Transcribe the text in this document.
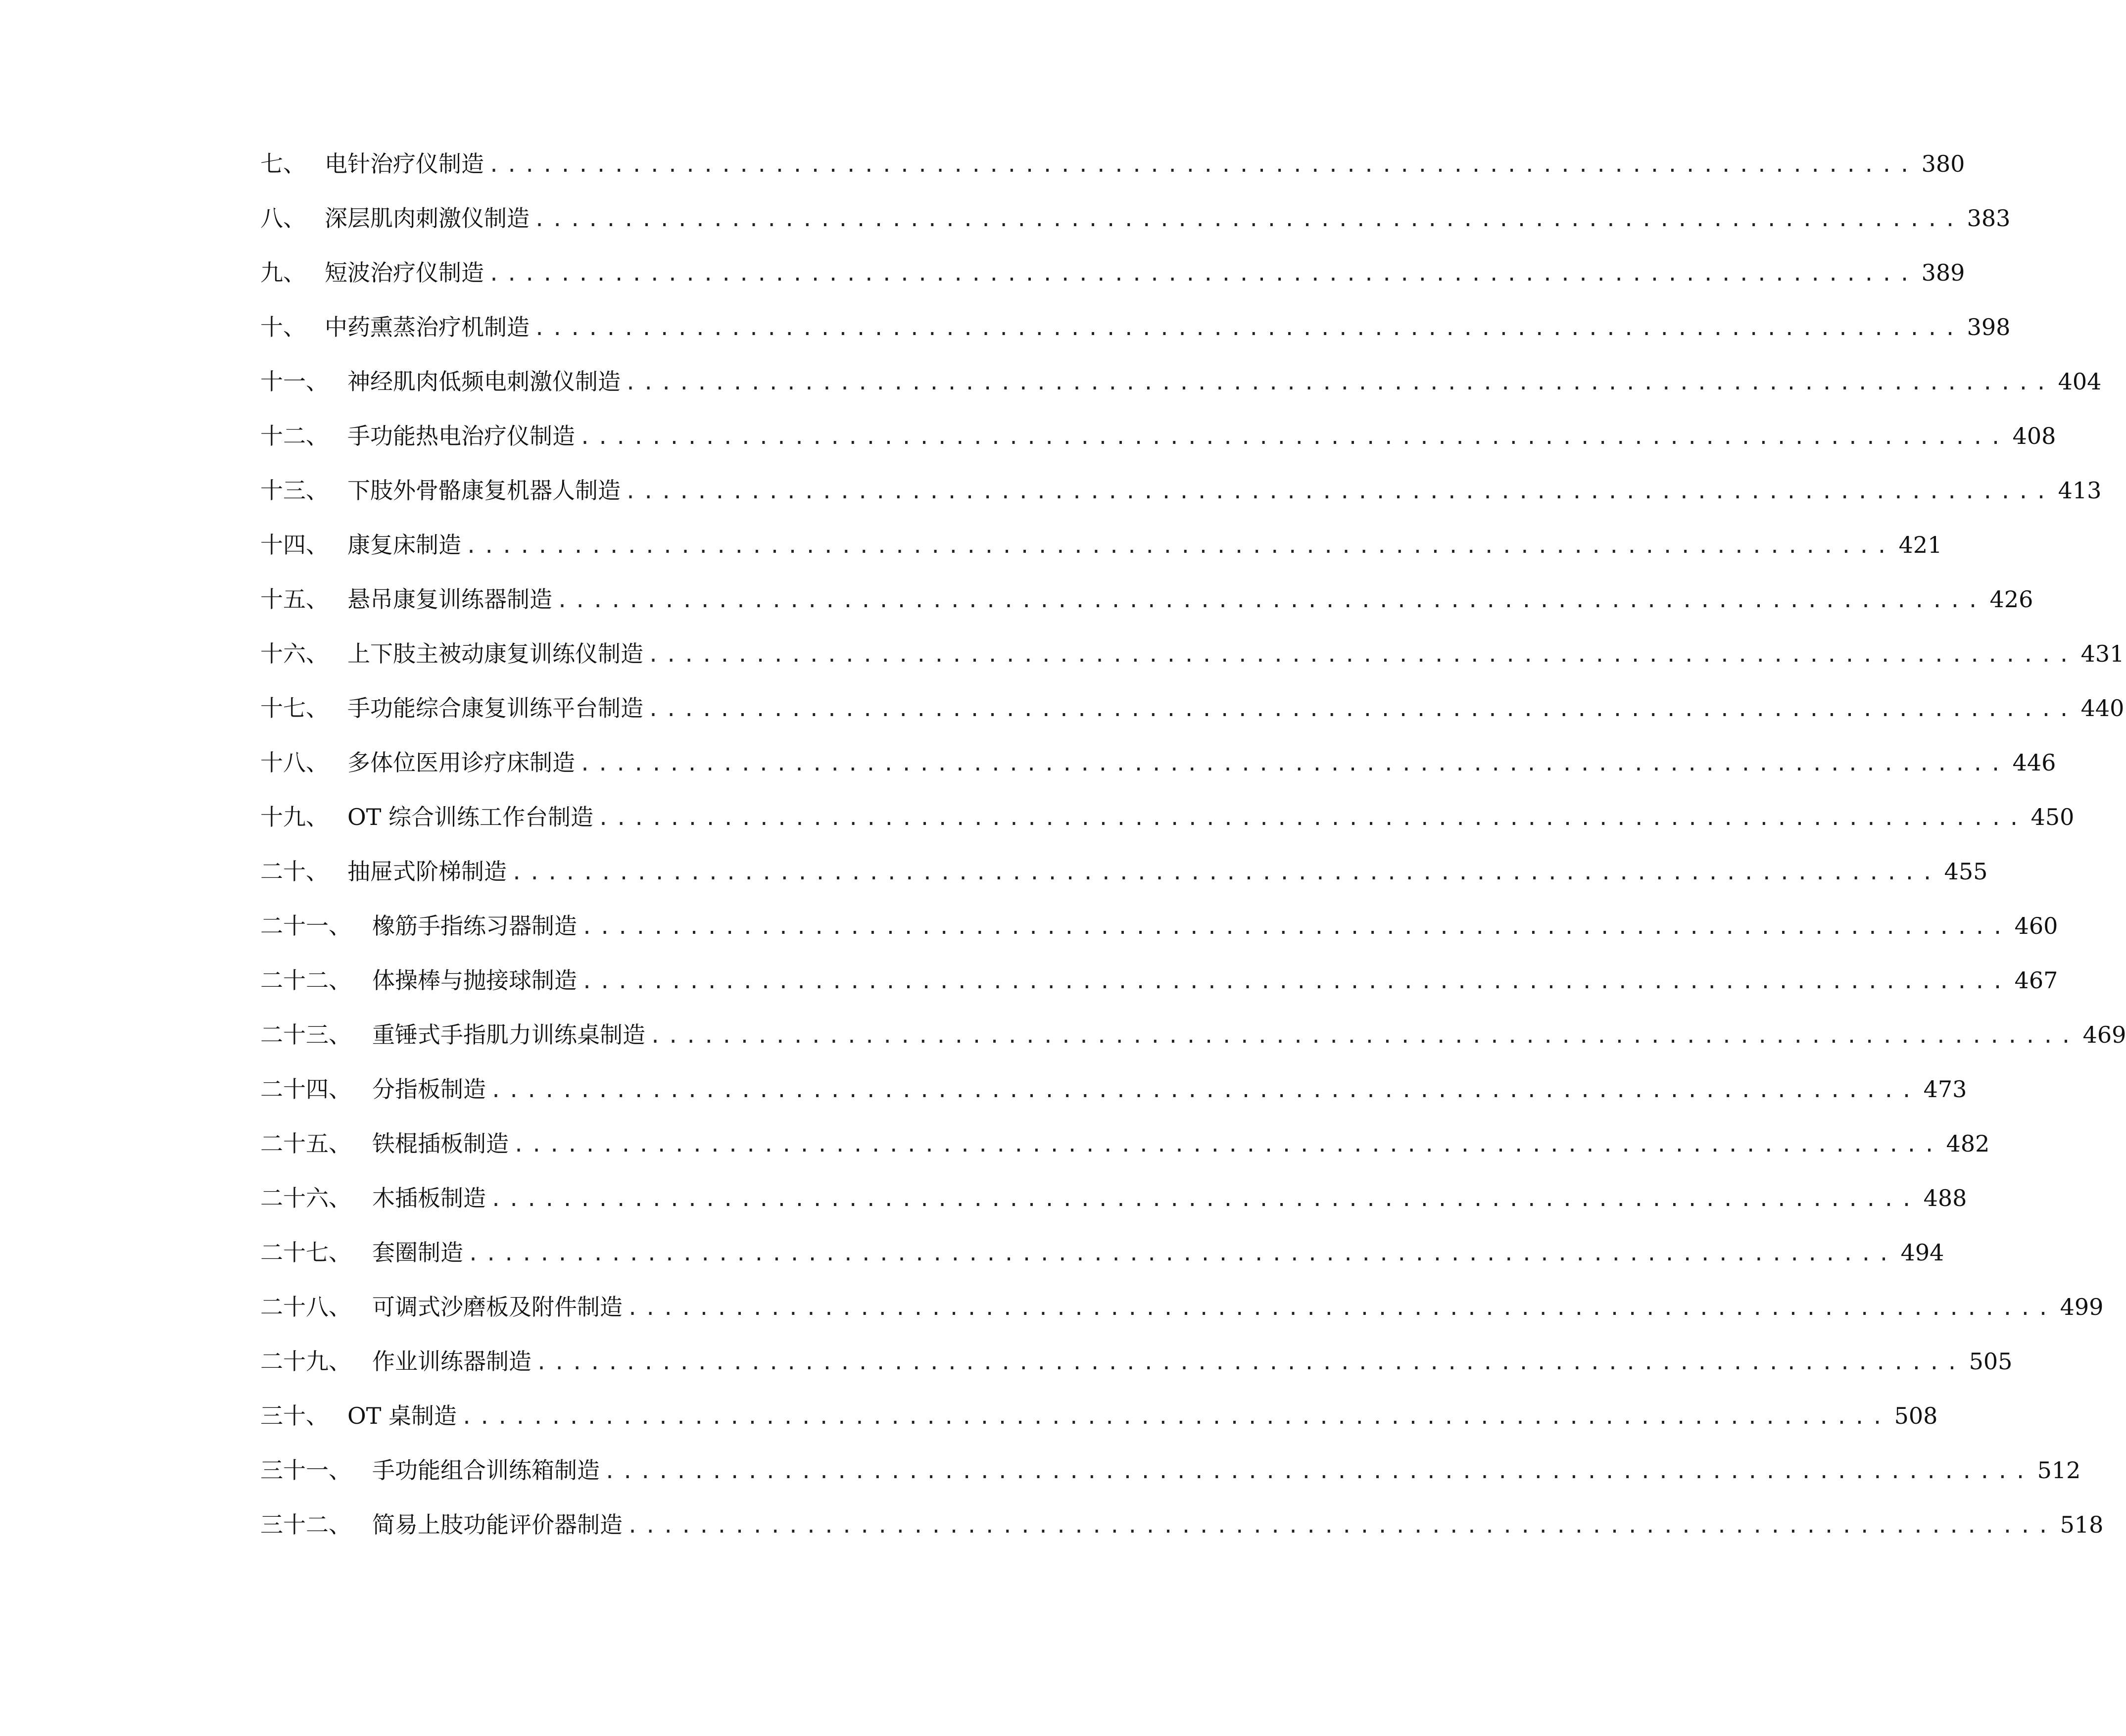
七、 电针治疗仪制造 ................................................................................ 380
八、 深层肌肉刺激仪制造 ................................................................................ 383
九、 短波治疗仪制造 ................................................................................ 389
十、 中药熏蒸治疗机制造 ................................................................................ 398
十一、 神经肌肉低频电刺激仪制造 ................................................................................ 404
十二、 手功能热电治疗仪制造 ................................................................................ 408
十三、 下肢外骨骼康复机器人制造 ................................................................................ 413
十四、 康复床制造 ................................................................................ 421
十五、 悬吊康复训练器制造 ................................................................................ 426
十六、 上下肢主被动康复训练仪制造 ................................................................................ 431
十七、 手功能综合康复训练平台制造 ................................................................................ 440
十八、 多体位医用诊疗床制造 ................................................................................ 446
十九、 OT 综合训练工作台制造 ................................................................................ 450
二十、 抽屉式阶梯制造 ................................................................................ 455
二十一、 橡筋手指练习器制造 ................................................................................ 460
二十二、 体操棒与抛接球制造 ................................................................................ 467
二十三、 重锤式手指肌力训练桌制造 ................................................................................ 469
二十四、 分指板制造 ................................................................................ 473
二十五、 铁棍插板制造 ................................................................................ 482
二十六、 木插板制造 ................................................................................ 488
二十七、 套圈制造 ................................................................................ 494
二十八、 可调式沙磨板及附件制造 ................................................................................ 499
二十九、 作业训练器制造 ................................................................................ 505
三十、 OT 桌制造 ................................................................................ 508
三十一、 手功能组合训练箱制造 ................................................................................ 512
三十二、 简易上肢功能评价器制造 ................................................................................ 518
